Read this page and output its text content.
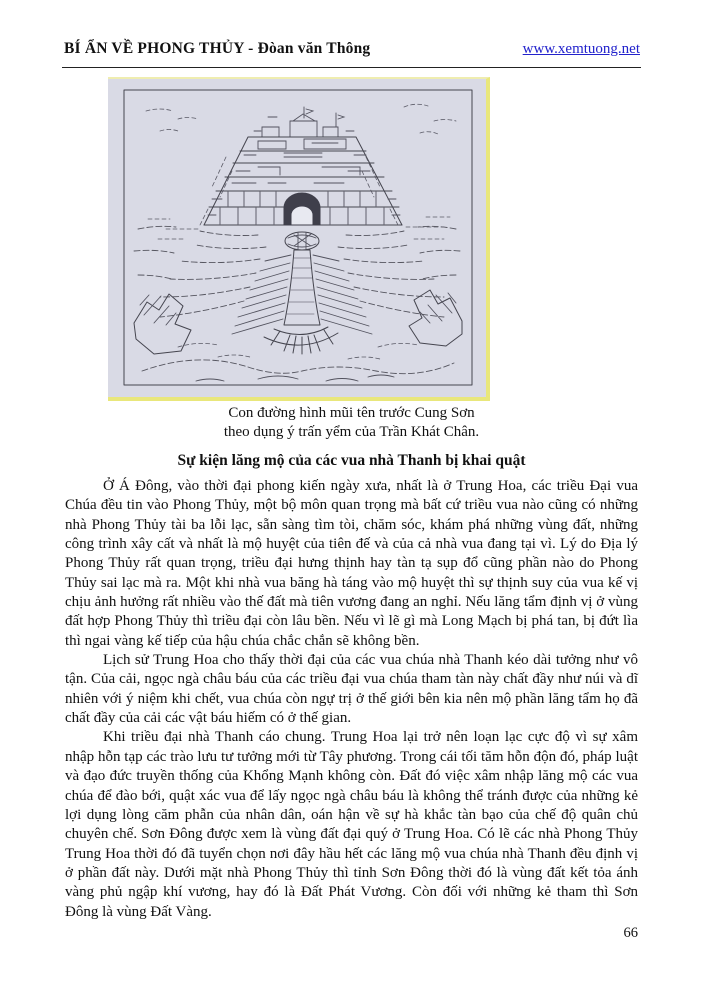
BÍ ẨN VỀ PHONG THỦY - Đòan văn Thông	www.xemtuong.net
Con đường hình mũi tên trước Cung Sơn
theo dụng ý trấn yểm của Trần Khát Chân.
Sự kiện lăng mộ của các vua nhà Thanh bị khai quật

Ở Á Đông, vào thời đại phong kiến ngày xưa, nhất là ở Trung Hoa, các triều Đại vua Chúa đều tin vào Phong Thủy, một bộ môn quan trọng mà bất cứ triều vua nào cũng có những nhà Phong Thủy tài ba lỗi lạc, sẵn sàng tìm tòi, chăm sóc, khám phá những vùng đất, những công trình xây cất và nhất là mộ huyệt của tiên đế và của cả nhà vua đang tại vì. Lý do Địa lý Phong Thủy rất quan trọng, triều đại hưng thịnh hay tàn tạ sụp đổ cũng phần nào do Phong Thủy sai lạc mà ra. Một khi nhà vua băng hà táng vào mộ huyệt thì sự thịnh suy của vua kế vị chịu ảnh hưởng rất nhiều vào thế đất mà tiên vương đang an nghỉ. Nếu lăng tẩm định vị ở vùng đất hợp Phong Thủy thì triều đại còn lâu bền. Nếu vì lẽ gì mà Long Mạch bị phá tan, bị đứt lìa thì ngai vàng kế tiếp của hậu chúa chắc chắn sẽ không bền.

Lịch sử Trung Hoa cho thấy thời đại của các vua chúa nhà Thanh kéo dài tưởng như vô tận. Của cải, ngọc ngà châu báu của các triều đại vua chúa tham tàn này chất đầy như núi và dĩ nhiên với ý niệm khi chết, vua chúa còn ngự trị ở thế giới bên kia nên mộ phần lăng tẩm họ đã chất đầy của cải các vật báu hiếm có ở thế gian.

Khi triều đại nhà Thanh cáo chung. Trung Hoa lại trở nên loạn lạc cực độ vì sự xâm nhập hỗn tạp các trào lưu tư tưởng mới từ Tây phương. Trong cái tối tăm hỗn độn đó, pháp luật và đạo đức truyền thống của Khổng Mạnh không còn. Đất đó việc xâm nhập lăng mộ các vua chúa để đào bới, quật xác vua để lấy ngọc ngà châu báu là không thể tránh được của những kẻ lợi dụng lòng căm phẫn của nhân dân, oán hận về sự hà khắc tàn bạo của chế độ quân chủ chuyên chế. Sơn Đông được xem là vùng đất đại quý ở Trung Hoa. Có lẽ các nhà Phong Thủy Trung Hoa thời đó đã tuyển chọn nơi đây hầu hết các lăng mộ vua chúa nhà Thanh đều định vị ở phần đất này. Dưới mặt nhà Phong Thủy thì tỉnh Sơn Đông thời đó là vùng đất kết tỏa ánh vàng phủ ngập khí vương, hay đó là Đất Phát Vương. Còn đối với những kẻ tham thì Sơn Đông là vùng Đất Vàng.

66
